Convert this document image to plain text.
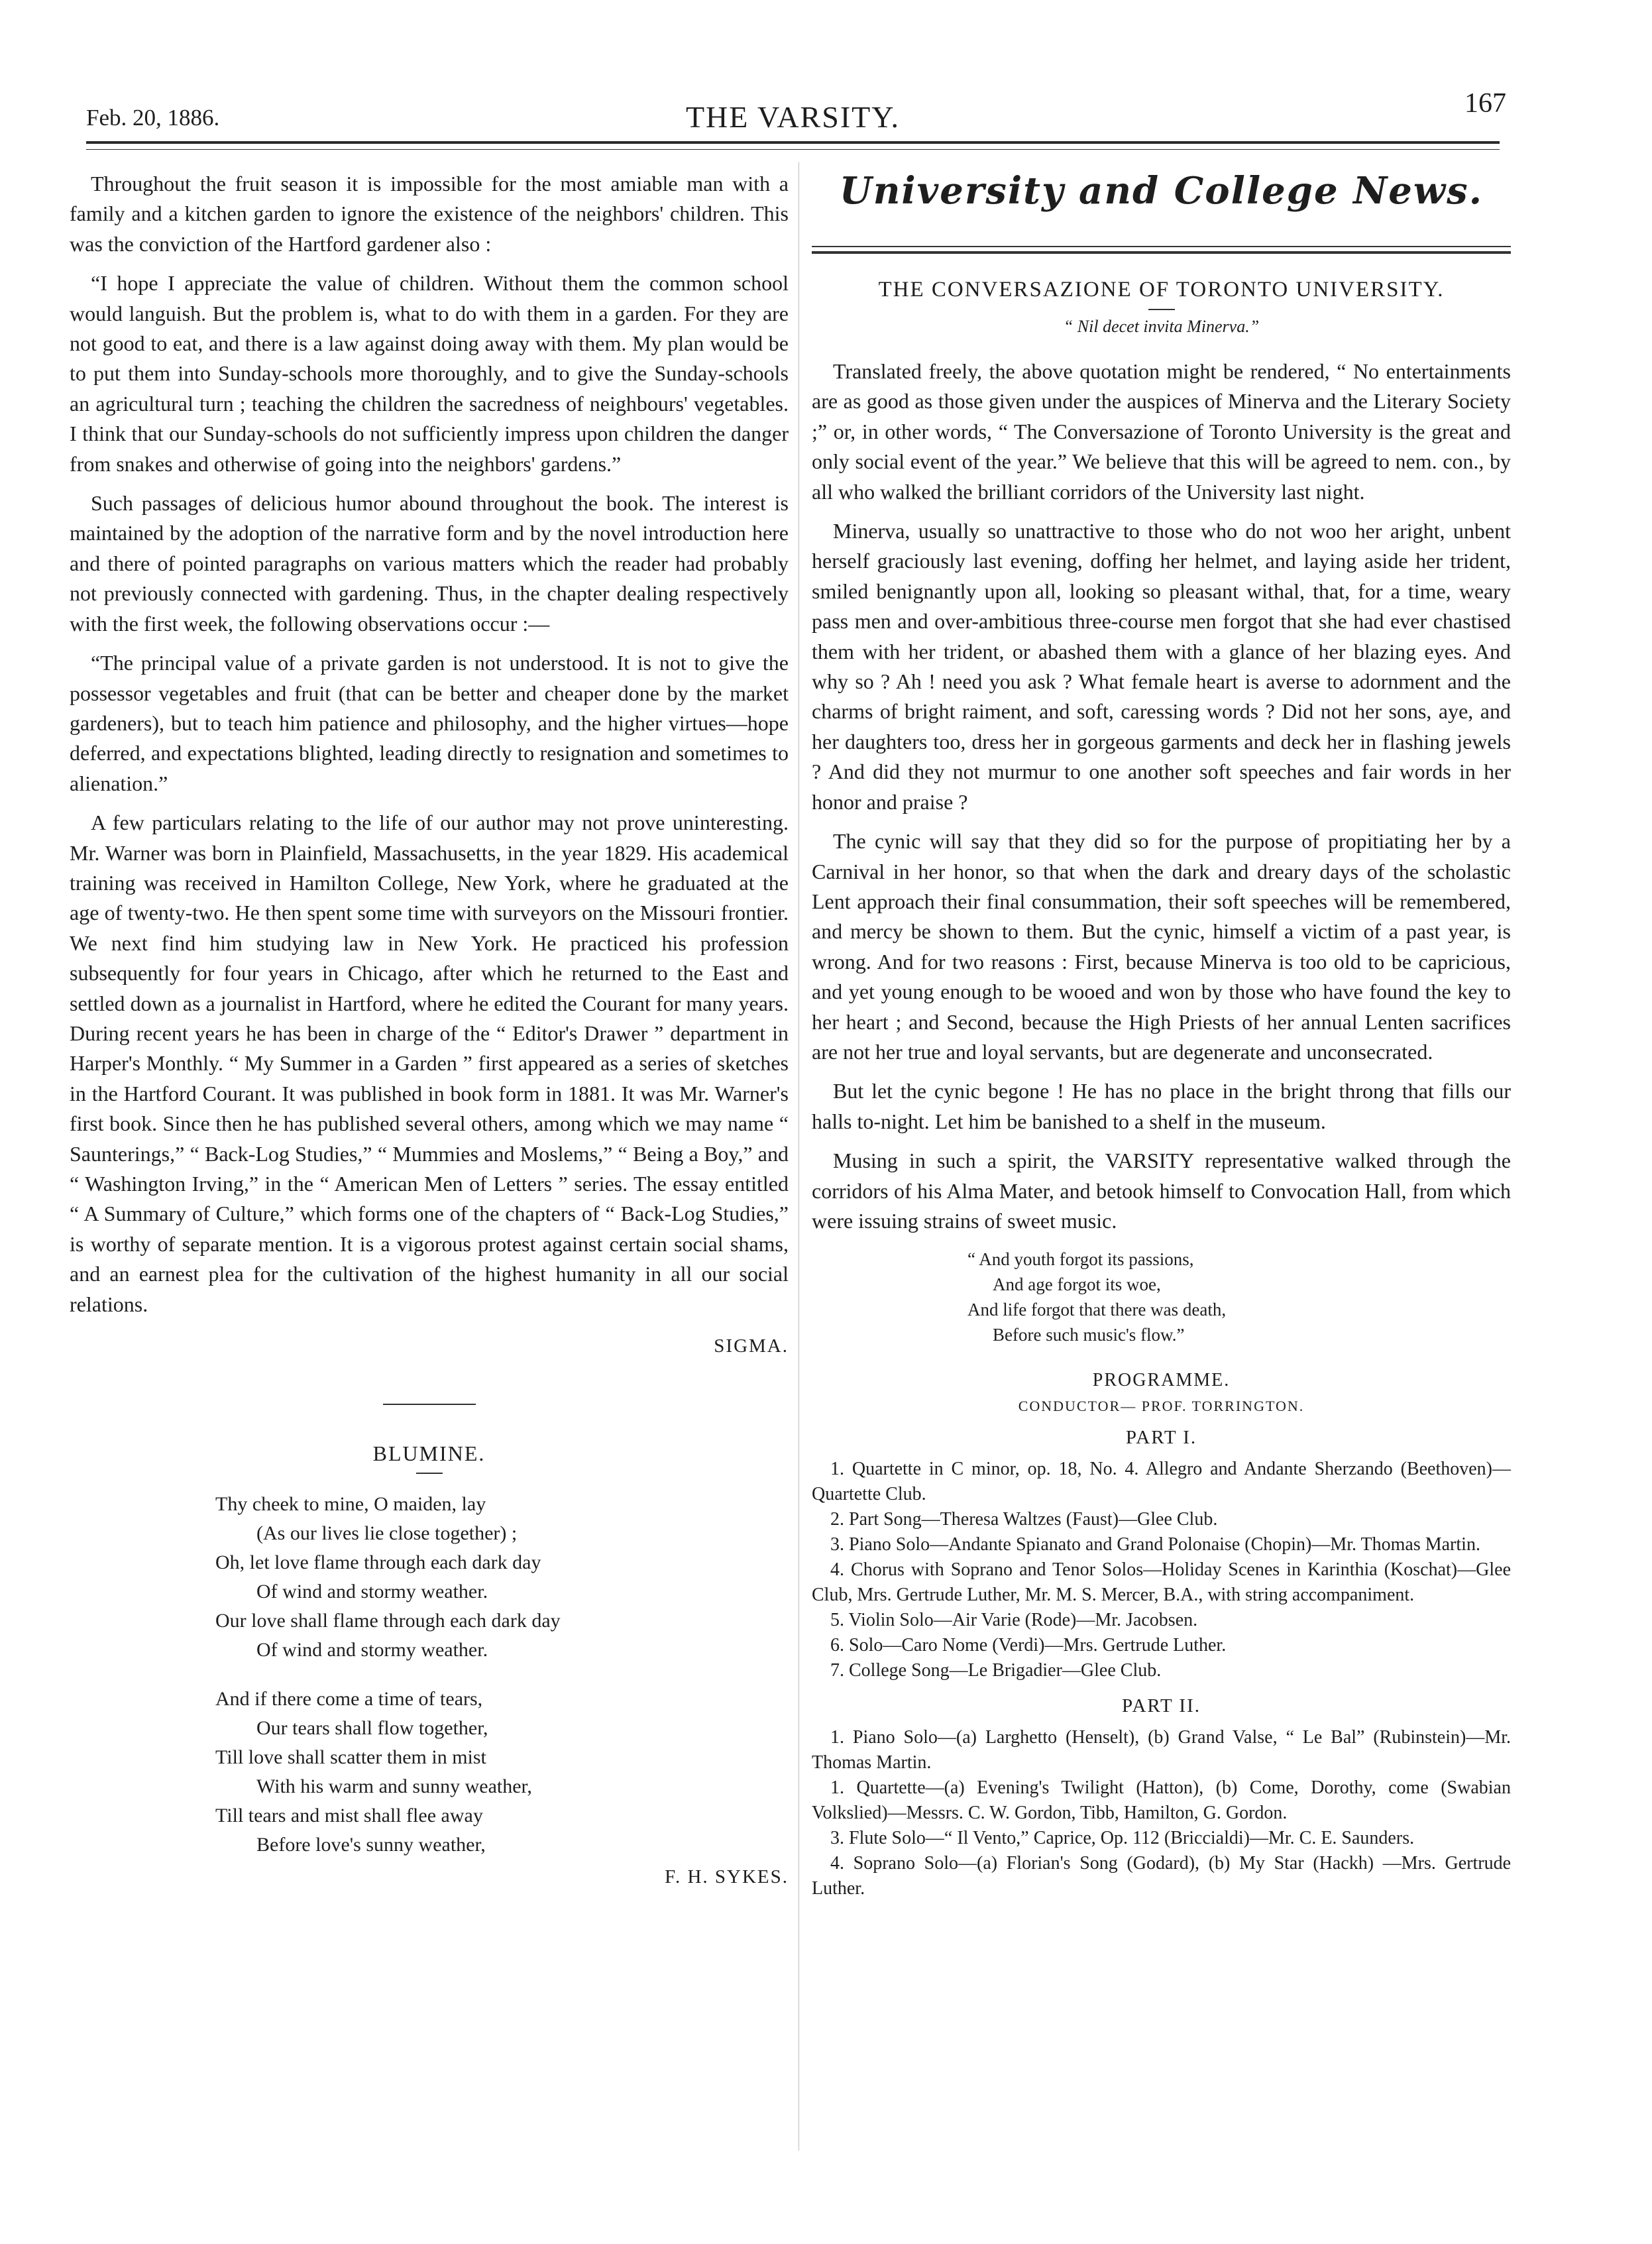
Feb. 20, 1886.	THE VARSITY.	167

Throughout the fruit season it is impossible for the most amiable man with a family and a kitchen garden to ignore the existence of the neighbors' children. This was the conviction of the Hartford gardener also :

“I hope I appreciate the value of children. Without them the common school would languish. But the problem is, what to do with them in a garden. For they are not good to eat, and there is a law against doing away with them. My plan would be to put them into Sunday-schools more thoroughly, and to give the Sunday-schools an agricultural turn ; teaching the children the sacredness of neighbours' vegetables. I think that our Sunday-schools do not sufficiently impress upon children the danger from snakes and otherwise of going into the neighbors' gardens.”

Such passages of delicious humor abound throughout the book. The interest is maintained by the adoption of the narrative form and by the novel introduction here and there of pointed paragraphs on various matters which the reader had probably not previously connected with gardening. Thus, in the chapter dealing respectively with the first week, the following observations occur :—

“The principal value of a private garden is not understood. It is not to give the possessor vegetables and fruit (that can be better and cheaper done by the market gardeners), but to teach him patience and philosophy, and the higher virtues—hope deferred, and expectations blighted, leading directly to resignation and sometimes to alienation.”

A few particulars relating to the life of our author may not prove uninteresting. Mr. Warner was born in Plainfield, Massachusetts, in the year 1829. His academical training was received in Hamilton College, New York, where he graduated at the age of twenty-two. He then spent some time with surveyors on the Missouri frontier. We next find him studying law in New York. He practiced his profession subsequently for four years in Chicago, after which he returned to the East and settled down as a journalist in Hartford, where he edited the Courant for many years. During recent years he has been in charge of the “ Editor's Drawer ” department in Harper's Monthly. “ My Summer in a Garden ” first appeared as a series of sketches in the Hartford Courant. It was published in book form in 1881. It was Mr. Warner's first book. Since then he has published several others, among which we may name “ Saunterings,” “ Back-Log Studies,” “ Mummies and Moslems,” “ Being a Boy,” and “ Washington Irving,” in the “ American Men of Letters ” series. The essay entitled “ A Summary of Culture,” which forms one of the chapters of “ Back-Log Studies,” is worthy of separate mention. It is a vigorous protest against certain social shams, and an earnest plea for the cultivation of the highest humanity in all our social relations.

SIGMA.
BLUMINE.
Thy cheek to mine, O maiden, lay
(As our lives lie close together) ;
Oh, let love flame through each dark day
Of wind and stormy weather.
Our love shall flame through each dark day
Of wind and stormy weather.
And if there come a time of tears,
Our tears shall flow together,
Till love shall scatter them in mist
With his warm and sunny weather,
Till tears and mist shall flee away
Before love's sunny weather,
F. H. SYKES.
University and College News.
THE CONVERSAZIONE OF TORONTO UNIVERSITY.
“ Nil decet invita Minerva.”

Translated freely, the above quotation might be rendered, “ No entertainments are as good as those given under the auspices of Minerva and the Literary Society ;” or, in other words, “ The Conversazione of Toronto University is the great and only social event of the year.” We believe that this will be agreed to nem. con., by all who walked the brilliant corridors of the University last night.

Minerva, usually so unattractive to those who do not woo her aright, unbent herself graciously last evening, doffing her helmet, and laying aside her trident, smiled benignantly upon all, looking so pleasant withal, that, for a time, weary pass men and over-ambitious three-course men forgot that she had ever chastised them with her trident, or abashed them with a glance of her blazing eyes. And why so ? Ah ! need you ask ? What female heart is averse to adornment and the charms of bright raiment, and soft, caressing words ? Did not her sons, aye, and her daughters too, dress her in gorgeous garments and deck her in flashing jewels ? And did they not murmur to one another soft speeches and fair words in her honor and praise ?

The cynic will say that they did so for the purpose of propitiating her by a Carnival in her honor, so that when the dark and dreary days of the scholastic Lent approach their final consummation, their soft speeches will be remembered, and mercy be shown to them. But the cynic, himself a victim of a past year, is wrong. And for two reasons : First, because Minerva is too old to be capricious, and yet young enough to be wooed and won by those who have found the key to her heart ; and Second, because the High Priests of her annual Lenten sacrifices are not her true and loyal servants, but are degenerate and unconsecrated.

But let the cynic begone ! He has no place in the bright throng that fills our halls to-night. Let him be banished to a shelf in the museum.

Musing in such a spirit, the VARSITY representative walked through the corridors of his Alma Mater, and betook himself to Convocation Hall, from which were issuing strains of sweet music.

“ And youth forgot its passions,
And age forgot its woe,
And life forgot that there was death,
Before such music's flow.”
PROGRAMME.
CONDUCTOR— PROF. TORRINGTON.
PART I.

1. Quartette in C minor, op. 18, No. 4. Allegro and Andante Sherzando (Beethoven)—Quartette Club.

2. Part Song—Theresa Waltzes (Faust)—Glee Club.

3. Piano Solo—Andante Spianato and Grand Polonaise (Chopin)—Mr. Thomas Martin.

4. Chorus with Soprano and Tenor Solos—Holiday Scenes in Karinthia (Koschat)—Glee Club, Mrs. Gertrude Luther, Mr. M. S. Mercer, B.A., with string accompaniment.

5. Violin Solo—Air Varie (Rode)—Mr. Jacobsen.

6. Solo—Caro Nome (Verdi)—Mrs. Gertrude Luther.

7. College Song—Le Brigadier—Glee Club.

PART II.

1. Piano Solo—(a) Larghetto (Henselt), (b) Grand Valse, “ Le Bal” (Rubinstein)—Mr. Thomas Martin.

1. Quartette—(a) Evening's Twilight (Hatton), (b) Come, Dorothy, come (Swabian Volkslied)—Messrs. C. W. Gordon, Tibb, Hamilton, G. Gordon.

3. Flute Solo—“ Il Vento,” Caprice, Op. 112 (Briccialdi)—Mr. C. E. Saunders.

4. Soprano Solo—(a) Florian's Song (Godard), (b) My Star (Hackh) —Mrs. Gertrude Luther.
